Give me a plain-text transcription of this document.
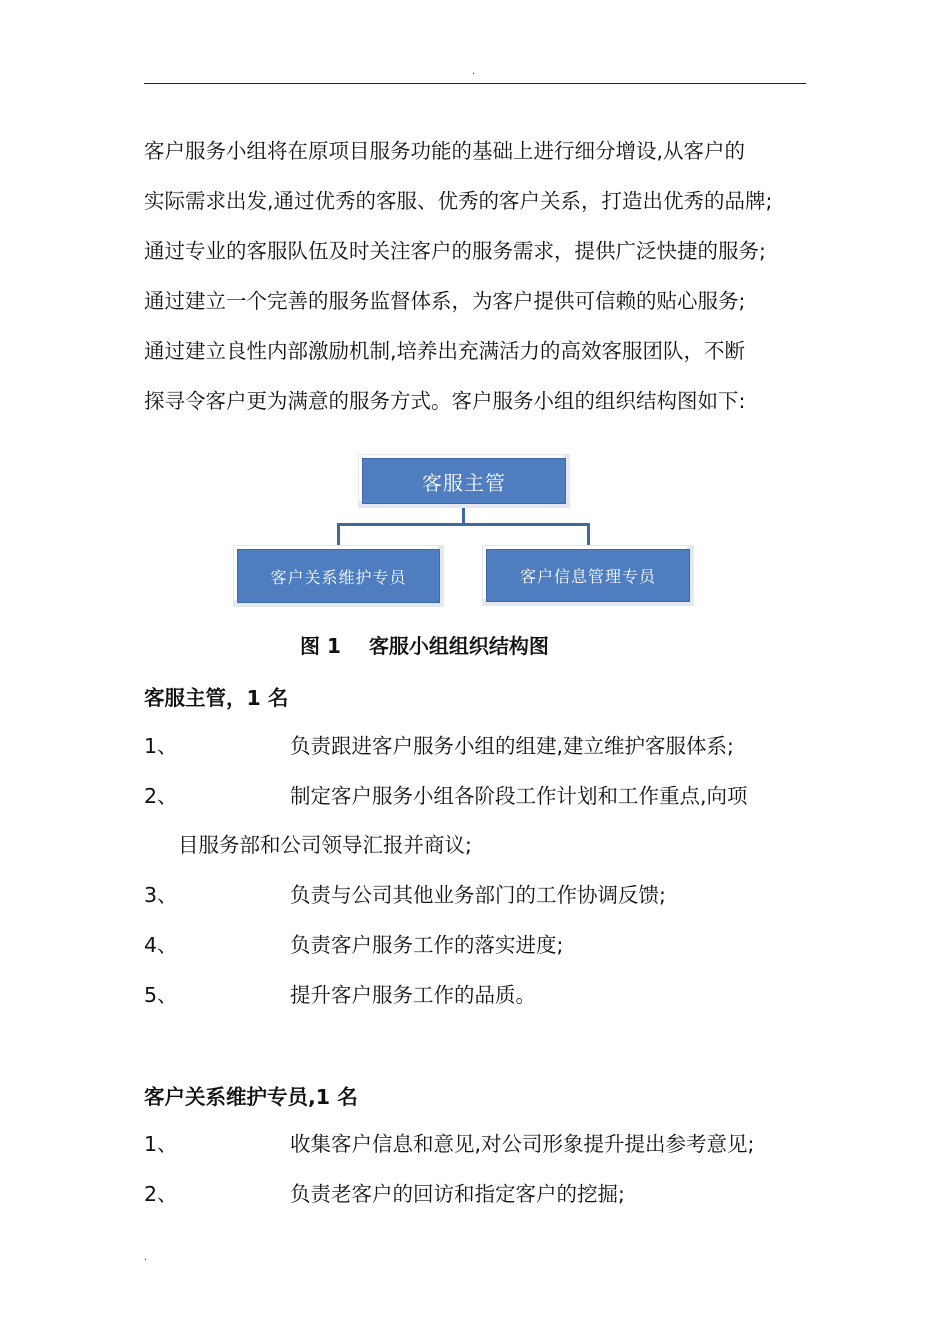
.

客户服务小组将在原项目服务功能的基础上进行细分增设,从客户的

实际需求出发,通过优秀的客服、优秀的客户关系，打造出优秀的品牌;

通过专业的客服队伍及时关注客户的服务需求，提供广泛快捷的服务;

通过建立一个完善的服务监督体系，为客户提供可信赖的贴心服务;

通过建立良性内部激励机制,培养出充满活力的高效客服团队，不断

探寻令客户更为满意的服务方式。客户服务小组的组织结构图如下:

客服主管
客户关系维护专员	客户信息管理专员
图 1 客服小组组织结构图
客服主管，1 名
1、	负责跟进客户服务小组的组建,建立维护客服体系;
2、	制定客户服务小组各阶段工作计划和工作重点,向项
目服务部和公司领导汇报并商议;
3、	负责与公司其他业务部门的工作协调反馈;
4、	负责客户服务工作的落实进度;
5、	提升客户服务工作的品质。
客户关系维护专员,1 名
1、	收集客户信息和意见,对公司形象提升提出参考意见;
2、	负责老客户的回访和指定客户的挖掘;
.
